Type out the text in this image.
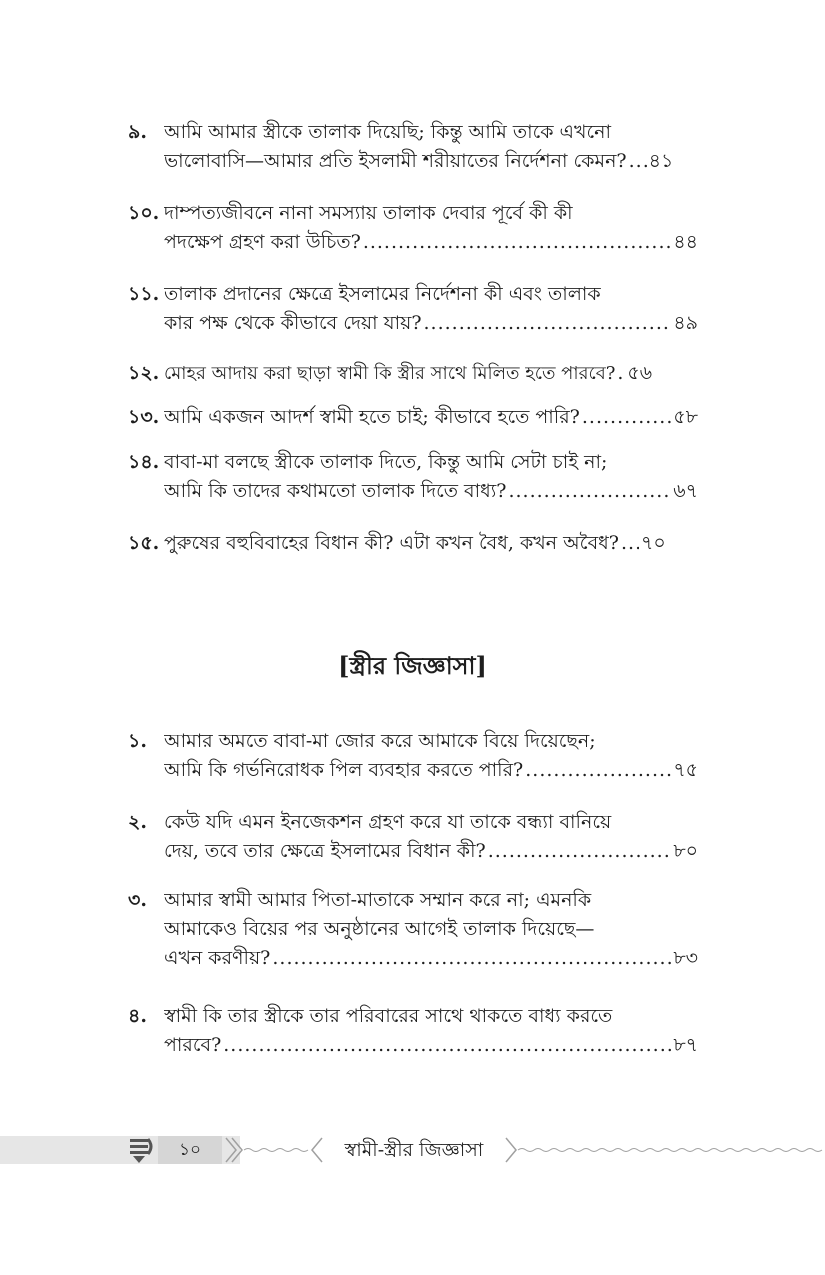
৯. আমি আমার স্ত্রীকে তালাক দিয়েছি; কিন্তু আমি তাকে এখনো
ভালোবাসি—আমার প্রতি ইসলামী শরীয়াতের নির্দেশনা কেমন? ..... ৪১
১০. দাম্পত্যজীবনে নানা সমস্যায় তালাক দেবার পূর্বে কী কী
পদক্ষেপ গ্রহণ করা উচিত? .....	৪৪
১১. তালাক প্রদানের ক্ষেত্রে ইসলামের নির্দেশনা কী এবং তালাক
কার পক্ষ থেকে কীভাবে দেয়া যায়? .....	৪৯
১২. মোহর আদায় করা ছাড়া স্বামী কি স্ত্রীর সাথে মিলিত হতে পারবে? ..... ৫৬
১৩. আমি একজন আদর্শ স্বামী হতে চাই; কীভাবে হতে পারি? .....	৫৮
১৪. বাবা-মা বলছে স্ত্রীকে তালাক দিতে, কিন্তু আমি সেটা চাই না;
আমি কি তাদের কথামতো তালাক দিতে বাধ্য? .....	৬৭
১৫. পুরুষের বহুবিবাহের বিধান কী? এটা কখন বৈধ, কখন অবৈধ? ..... ৭০
[স্ত্রীর জিজ্ঞাসা]
১. আমার অমতে বাবা-মা জোর করে আমাকে বিয়ে দিয়েছেন;
আমি কি গর্ভনিরোধক পিল ব্যবহার করতে পারি? .....	৭৫
২. কেউ যদি এমন ইনজেকশন গ্রহণ করে যা তাকে বন্ধ্যা বানিয়ে
দেয়, তবে তার ক্ষেত্রে ইসলামের বিধান কী? .....	৮০
৩. আমার স্বামী আমার পিতা-মাতাকে সম্মান করে না; এমনকি
আমাকেও বিয়ের পর অনুষ্ঠানের আগেই তালাক দিয়েছে—
এখন করণীয়? .....	৮৩
৪. স্বামী কি তার স্ত্রীকে তার পরিবারের সাথে থাকতে বাধ্য করতে
পারবে? .....	৮৭
১০	স্বামী-স্ত্রীর জিজ্ঞাসা
